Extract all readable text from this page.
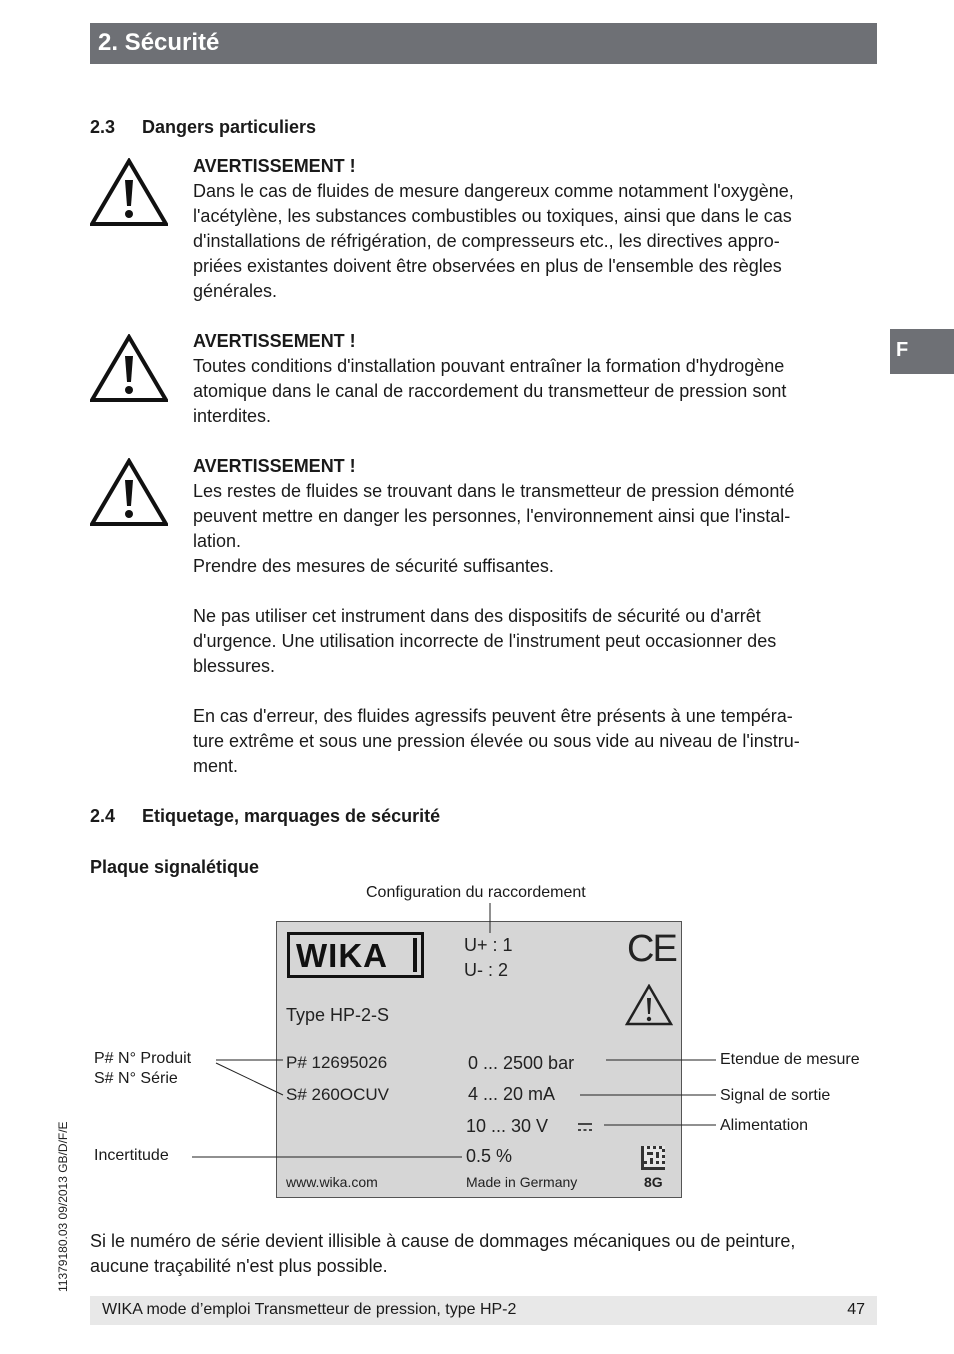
2. Sécurité
F
2.3 Dangers particuliers
AVERTISSEMENT !
Dans le cas de fluides de mesure dangereux comme notamment l'oxygène,
l'acétylène, les substances combustibles ou toxiques, ainsi que dans le cas
d'installations de réfrigération, de compresseurs etc., les directives appro-
priées existantes doivent être observées en plus de l'ensemble des règles
générales.
AVERTISSEMENT !
Toutes conditions d'installation pouvant entraîner la formation d'hydrogène
atomique dans le canal de raccordement du transmetteur de pression sont
interdites.
AVERTISSEMENT !
Les restes de fluides se trouvant dans le transmetteur de pression démonté
peuvent mettre en danger les personnes, l'environnement ainsi que l'instal-
lation.
Prendre des mesures de sécurité suffisantes.
Ne pas utiliser cet instrument dans des dispositifs de sécurité ou d'arrêt
d'urgence. Une utilisation incorrecte de l'instrument peut occasionner des
blessures.
En cas d'erreur, des fluides agressifs peuvent être présents à une tempéra-
ture extrême et sous une pression élevée ou sous vide au niveau de l'instru-
ment.
2.4 Etiquetage, marquages de sécurité
Plaque signalétique
Configuration du raccordement
P# N° Produit
S# N° Série
Incertitude
Etendue de mesure
Signal de sortie
Alimentation
WIKA	U+ : 1
U- : 2	CE
Type HP-2-S
P# 12695026
S# 260OCUV
0 ... 2500 bar
4 ... 20 mA
10 ... 30 V
0.5 %
www.wika.com	Made in Germany	8G
Si le numéro de série devient illisible à cause de dommages mécaniques ou de peinture,
aucune traçabilité n'est plus possible.
11379180.03 09/2013 GB/D/F/E
WIKA mode d’emploi Transmetteur de pression, type HP-2	47
